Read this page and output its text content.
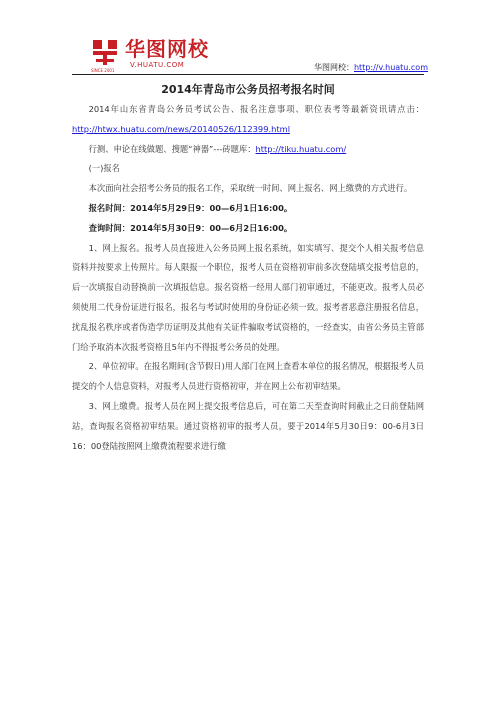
SINCE 2001
华图网校
V.HUATU.COM	华图网校：http://v.huatu.com
2014年青岛市公务员招考报名时间

2014年山东省青岛公务员考试公告、报名注意事项、职位表考等最新资讯请点击：http://htwx.huatu.com/news/20140526/112399.html

行测、申论在线做题、搜题“神器”---砖题库：http://tiku.huatu.com/

(一)报名

本次面向社会招考公务员的报名工作，采取统一时间、网上报名、网上缴费的方式进行。

报名时间：2014年5月29日9：00—6月1日16:00。

查询时间：2014年5月30日9：00—6月2日16:00。

1、网上报名。报考人员直接进入公务员网上报名系统，如实填写、提交个人相关报考信息资料并按要求上传照片。每人限报一个职位，报考人员在资格初审前多次登陆填交报考信息的，后一次填报自动替换前一次填报信息。报名资格一经用人部门初审通过，不能更改。报考人员必须使用二代身份证进行报名，报名与考试时使用的身份证必须一致。报考者恶意注册报名信息，扰乱报名秩序或者伪造学历证明及其他有关证件骗取考试资格的，一经查实，由省公务员主管部门给予取消本次报考资格且5年内不得报考公务员的处理。

2、单位初审。在报名期间(含节假日)用人部门在网上查看本单位的报名情况，根据报考人员提交的个人信息资料，对报考人员进行资格初审，并在网上公布初审结果。

3、网上缴费。报考人员在网上提交报考信息后，可在第二天至查询时间截止之日前登陆网站，查询报名资格初审结果。通过资格初审的报考人员，要于2014年5月30日9：00-6月3日16：00登陆按照网上缴费流程要求进行缴
